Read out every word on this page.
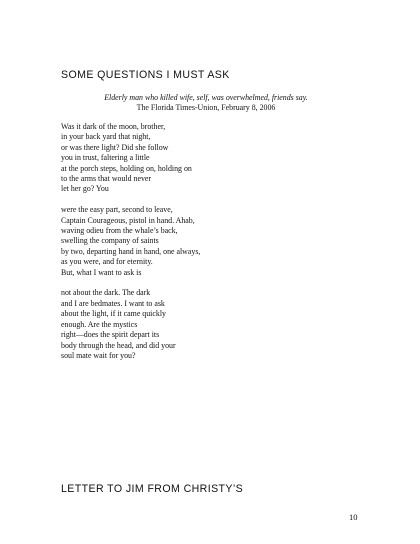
SOME QUESTIONS I MUST ASK
Elderly man who killed wife, self, was overwhelmed, friends say.
The Florida Times-Union, February 8, 2006
Was it dark of the moon, brother,
in your back yard that night,
or was there light? Did she follow
you in trust, faltering a little
at the porch steps, holding on, holding on
to the arms that would never
let her go? You
were the easy part, second to leave,
Captain Courageous, pistol in hand. Ahab,
waving odieu from the whale’s back,
swelling the company of saints
by two, departing hand in hand, one always,
as you were, and for eternity.
But, what I want to ask is
not about the dark. The dark
and I are bedmates. I want to ask
about the light, if it came quickly
enough. Are the mystics
right—does the spirit depart its
body through the head, and did your
soul mate wait for you?
LETTER TO JIM FROM CHRISTY’S
10
